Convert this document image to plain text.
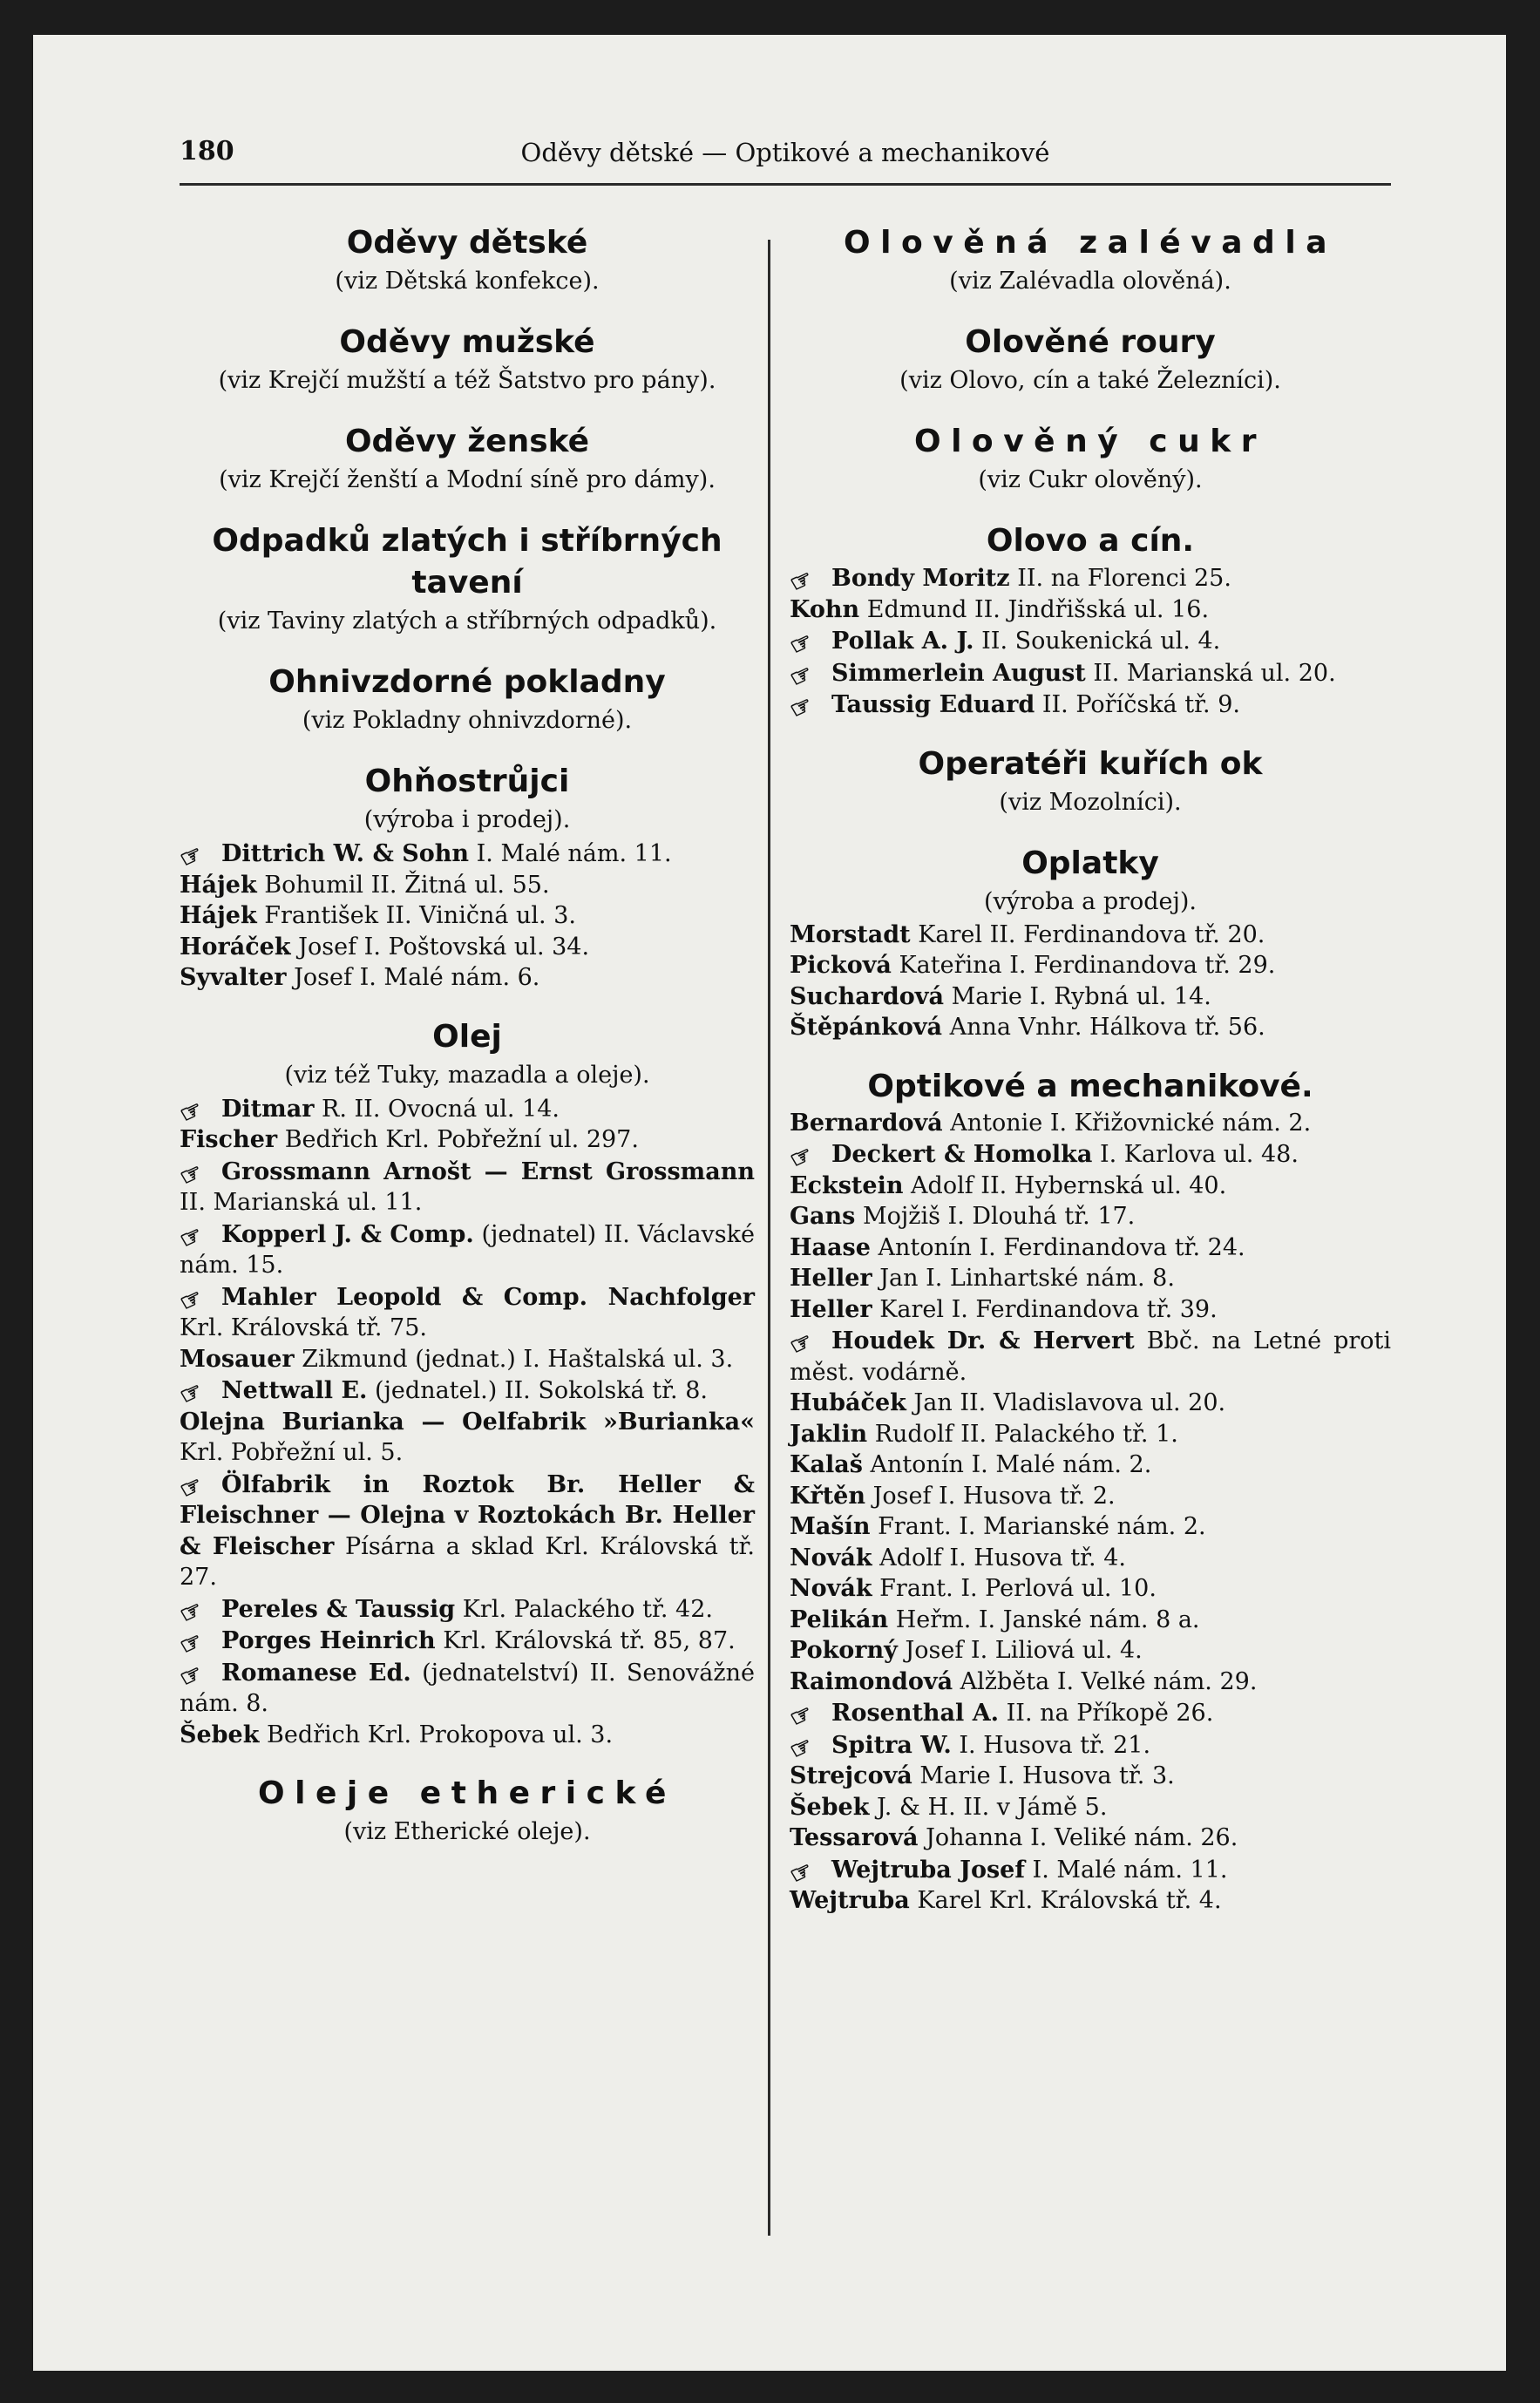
180	Oděvy dětské — Optikové a mechanikové
Oděvy dětské
(viz Dětská konfekce).
Oděvy mužské
(viz Krejčí mužští a též Šatstvo pro pány).
Oděvy ženské
(viz Krejčí ženští a Modní síně pro dámy).
Odpadků zlatých i stříbrných tavení
(viz Taviny zlatých a stříbrných odpadků).
Ohnivzdorné pokladny
(viz Pokladny ohnivzdorné).
Ohňostrůjci
(výroba i prodej).
☞ Dittrich W. & Sohn I. Malé nám. 11.
Hájek Bohumil II. Žitná ul. 55.
Hájek František II. Viničná ul. 3.
Horáček Josef I. Poštovská ul. 34.
Syvalter Josef I. Malé nám. 6.
Olej
(viz též Tuky, mazadla a oleje).
☞ Ditmar R. II. Ovocná ul. 14.
Fischer Bedřich Krl. Pobřežní ul. 297.
☞ Grossmann Arnošt — Ernst Grossmann II. Marianská ul. 11.
☞ Kopperl J. & Comp. (jednatel) II. Václavské nám. 15.
☞ Mahler Leopold & Comp. Nachfolger Krl. Královská tř. 75.
Mosauer Zikmund (jednat.) I. Haštalská ul. 3.
☞ Nettwall E. (jednatel.) II. Sokolská tř. 8.
Olejna Burianka — Oelfabrik »Burianka« Krl. Pobřežní ul. 5.
☞ Ölfabrik in Roztok Br. Heller & Fleischner — Olejna v Roztokách Br. Heller & Fleischer Písárna a sklad Krl. Královská tř. 27.
☞ Pereles & Taussig Krl. Palackého tř. 42.
☞ Porges Heinrich Krl. Královská tř. 85, 87.
☞ Romanese Ed. (jednatelství) II. Senovážné nám. 8.
Šebek Bedřich Krl. Prokopova ul. 3.
Oleje etherické
(viz Etherické oleje).
Olověná zalévadla
(viz Zalévadla olověná).
Olověné roury
(viz Olovo, cín a také Železníci).
Olověný cukr
(viz Cukr olověný).
Olovo a cín.
☞ Bondy Moritz II. na Florenci 25.
Kohn Edmund II. Jindřišská ul. 16.
☞ Pollak A. J. II. Soukenická ul. 4.
☞ Simmerlein August II. Marianská ul. 20.
☞ Taussig Eduard II. Poříčská tř. 9.
Operatéři kuřích ok
(viz Mozolníci).
Oplatky
(výroba a prodej).
Morstadt Karel II. Ferdinandova tř. 20.
Picková Kateřina I. Ferdinandova tř. 29.
Suchardová Marie I. Rybná ul. 14.
Štěpánková Anna Vnhr. Hálkova tř. 56.
Optikové a mechanikové.
Bernardová Antonie I. Křižovnické nám. 2.
☞ Deckert & Homolka I. Karlova ul. 48.
Eckstein Adolf II. Hybernská ul. 40.
Gans Mojžiš I. Dlouhá tř. 17.
Haase Antonín I. Ferdinandova tř. 24.
Heller Jan I. Linhartské nám. 8.
Heller Karel I. Ferdinandova tř. 39.
☞ Houdek Dr. & Hervert Bbč. na Letné proti měst. vodárně.
Hubáček Jan II. Vladislavova ul. 20.
Jaklin Rudolf II. Palackého tř. 1.
Kalaš Antonín I. Malé nám. 2.
Křtěn Josef I. Husova tř. 2.
Mašín Frant. I. Marianské nám. 2.
Novák Adolf I. Husova tř. 4.
Novák Frant. I. Perlová ul. 10.
Pelikán Heřm. I. Janské nám. 8 a.
Pokorný Josef I. Liliová ul. 4.
Raimondová Alžběta I. Velké nám. 29.
☞ Rosenthal A. II. na Příkopě 26.
☞ Spitra W. I. Husova tř. 21.
Strejcová Marie I. Husova tř. 3.
Šebek J. & H. II. v Jámě 5.
Tessarová Johanna I. Veliké nám. 26.
☞ Wejtruba Josef I. Malé nám. 11.
Wejtruba Karel Krl. Královská tř. 4.
